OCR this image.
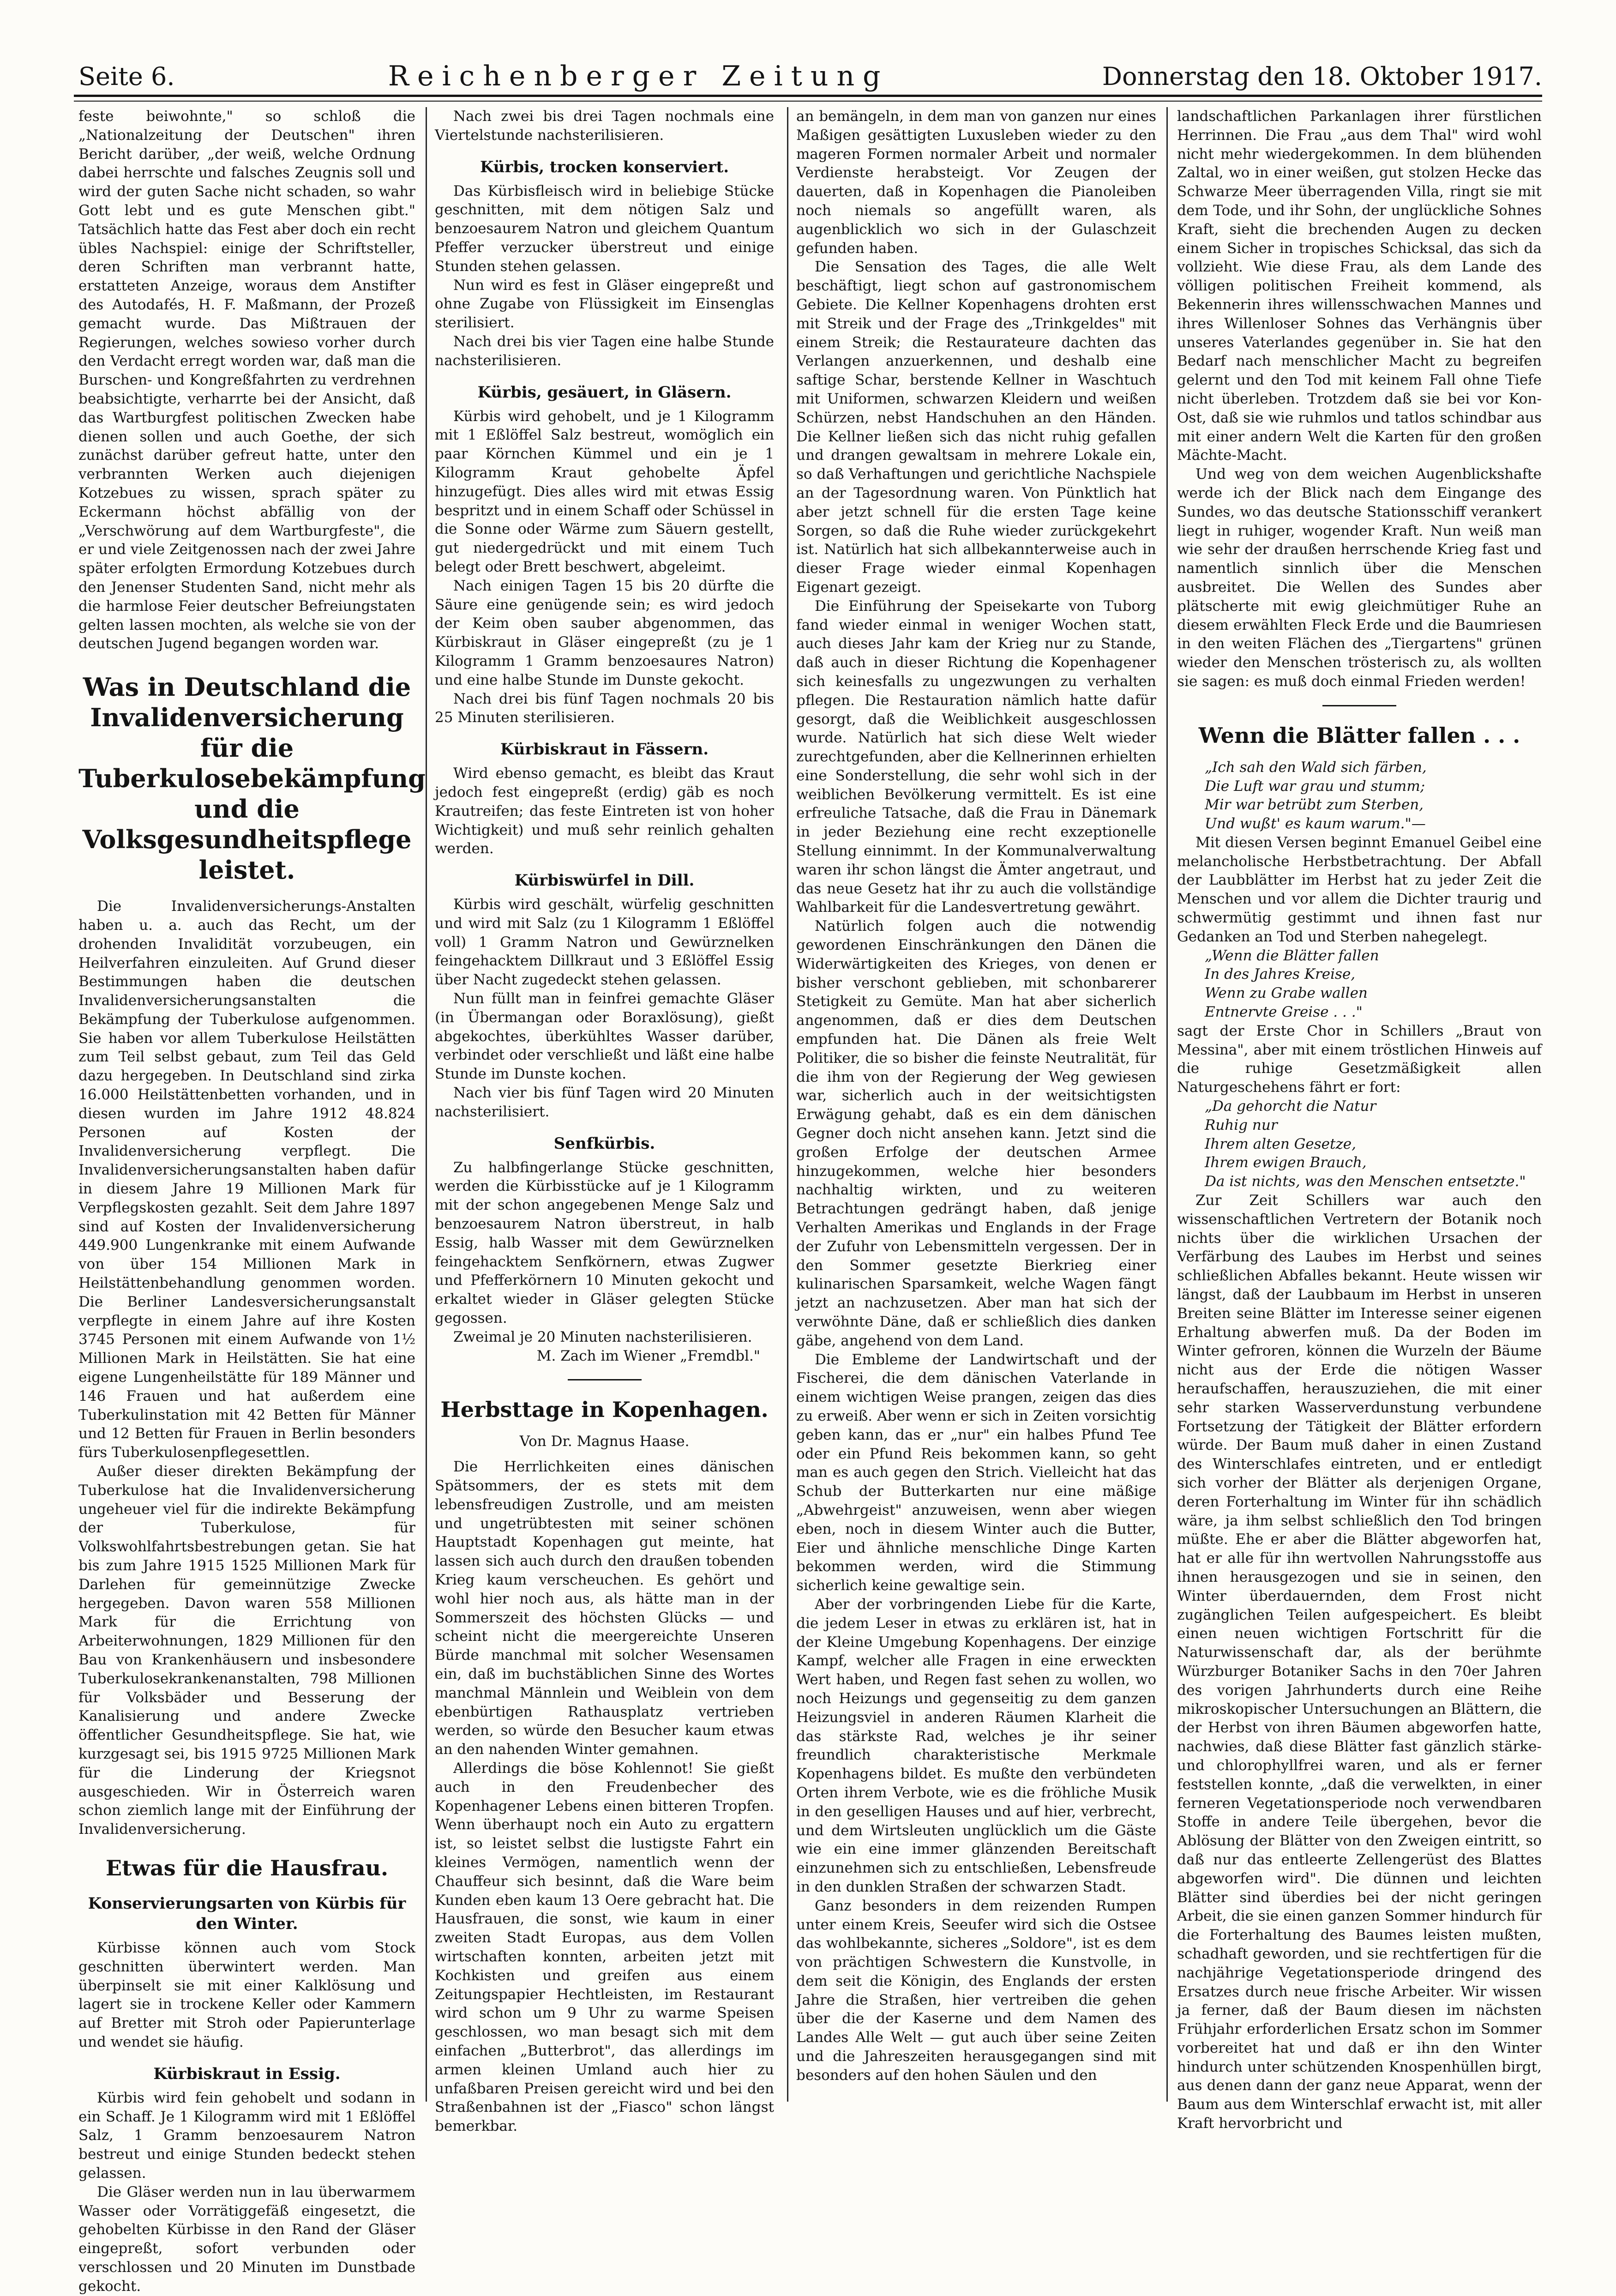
Seite 6.	Reichenberger Zeitung	Donnerstag den 18. Oktober 1917.

feste beiwohnte," so schloß die „Nationalzeitung der Deutschen" ihren Bericht darüber, „der weiß, welche Ordnung dabei herrschte und falsches Zeugnis soll und wird der guten Sache nicht schaden, so wahr Gott lebt und es gute Menschen gibt." Tatsächlich hatte das Fest aber doch ein recht übles Nachspiel: einige der Schriftsteller, deren Schriften man verbrannt hatte, erstatteten Anzeige, woraus dem Anstifter des Autodafés, H. F. Maßmann, der Prozeß gemacht wurde. Das Mißtrauen der Regierungen, welches sowieso vorher durch den Verdacht erregt worden war, daß man die Burschen- und Kongreßfahrten zu verdrehnen beabsichtigte, verharrte bei der Ansicht, daß das Wartburgfest politischen Zwecken habe dienen sollen und auch Goethe, der sich zunächst darüber gefreut hatte, unter den verbrannten Werken auch diejenigen Kotzebues zu wissen, sprach später zu Eckermann höchst abfällig von der „Verschwörung auf dem Wartburgfeste", die er und viele Zeitgenossen nach der zwei Jahre später erfolgten Ermordung Kotzebues durch den Jenenser Studenten Sand, nicht mehr als die harmlose Feier deutscher Befreiungstaten gelten lassen mochten, als welche sie von der deutschen Jugend begangen worden war.

Was in Deutschland die Invalidenversicherung für die Tuberkulosebekämpfung und die Volksgesundheitspflege leistet.

Die Invalidenversicherungs-Anstalten haben u. a. auch das Recht, um der drohenden Invalidität vorzubeugen, ein Heilverfahren einzuleiten. Auf Grund dieser Bestimmungen haben die deutschen Invalidenversicherungsanstalten die Bekämpfung der Tuberkulose aufgenommen. Sie haben vor allem Tuberkulose Heilstätten zum Teil selbst gebaut, zum Teil das Geld dazu hergegeben. In Deutschland sind zirka 16.000 Heilstättenbetten vorhanden, und in diesen wurden im Jahre 1912 48.824 Personen auf Kosten der Invalidenversicherung verpflegt. Die Invalidenversicherungsanstalten haben dafür in diesem Jahre 19 Millionen Mark für Verpflegskosten gezahlt. Seit dem Jahre 1897 sind auf Kosten der Invalidenversicherung 449.900 Lungenkranke mit einem Aufwande von über 154 Millionen Mark in Heilstättenbehandlung genommen worden. Die Berliner Landesversicherungsanstalt verpflegte in einem Jahre auf ihre Kosten 3745 Personen mit einem Aufwande von 1½ Millionen Mark in Heilstätten. Sie hat eine eigene Lungenheilstätte für 189 Männer und 146 Frauen und hat außerdem eine Tuberkulinstation mit 42 Betten für Männer und 12 Betten für Frauen in Berlin besonders fürs Tuberkulosenpflegesettlen.

Außer dieser direkten Bekämpfung der Tuberkulose hat die Invalidenversicherung ungeheuer viel für die indirekte Bekämpfung der Tuberkulose, für Volkswohlfahrtsbestrebungen getan. Sie hat bis zum Jahre 1915 1525 Millionen Mark für Darlehen für gemeinnützige Zwecke hergegeben. Davon waren 558 Millionen Mark für die Errichtung von Arbeiterwohnungen, 1829 Millionen für den Bau von Krankenhäusern und insbesondere Tuberkulosekrankenanstalten, 798 Millionen für Volksbäder und Besserung der Kanalisierung und andere Zwecke öffentlicher Gesundheitspflege. Sie hat, wie kurzgesagt sei, bis 1915 9725 Millionen Mark für die Linderung der Kriegsnot ausgeschieden. Wir in Österreich waren schon ziemlich lange mit der Einführung der Invalidenversicherung.

Etwas für die Hausfrau.
Konservierungsarten von Kürbis für den Winter.

Kürbisse können auch vom Stock geschnitten überwintert werden. Man überpinselt sie mit einer Kalklösung und lagert sie in trockene Keller oder Kammern auf Bretter mit Stroh oder Papierunterlage und wendet sie häufig.

Kürbiskraut in Essig.

Kürbis wird fein gehobelt und sodann in ein Schaff. Je 1 Kilogramm wird mit 1 Eßlöffel Salz, 1 Gramm benzoesaurem Natron bestreut und einige Stunden bedeckt stehen gelassen.

Die Gläser werden nun in lau überwarmem Wasser oder Vorrätiggefäß eingesetzt, die gehobelten Kürbisse in den Rand der Gläser eingepreßt, sofort verbunden oder verschlossen und 20 Minuten im Dunstbade gekocht.

Nach zwei bis drei Tagen nochmals eine Viertelstunde nachsterilisieren.

Kürbis, trocken konserviert.

Das Kürbisfleisch wird in beliebige Stücke geschnitten, mit dem nötigen Salz und benzoesaurem Natron und gleichem Quantum Pfeffer verzucker überstreut und einige Stunden stehen gelassen.

Nun wird es fest in Gläser eingepreßt und ohne Zugabe von Flüssigkeit im Einsenglas sterilisiert.

Nach drei bis vier Tagen eine halbe Stunde nachsterilisieren.

Kürbis, gesäuert, in Gläsern.

Kürbis wird gehobelt, und je 1 Kilogramm mit 1 Eßlöffel Salz bestreut, womöglich ein paar Körnchen Kümmel und ein je 1 Kilogramm Kraut gehobelte Äpfel hinzugefügt. Dies alles wird mit etwas Essig bespritzt und in einem Schaff oder Schüssel in die Sonne oder Wärme zum Säuern gestellt, gut niedergedrückt und mit einem Tuch belegt oder Brett beschwert, abgeleimt.

Nach einigen Tagen 15 bis 20 dürfte die Säure eine genügende sein; es wird jedoch der Keim oben sauber abgenommen, das Kürbiskraut in Gläser eingepreßt (zu je 1 Kilogramm 1 Gramm benzoesaures Natron) und eine halbe Stunde im Dunste gekocht.

Nach drei bis fünf Tagen nochmals 20 bis 25 Minuten sterilisieren.

Kürbiskraut in Fässern.

Wird ebenso gemacht, es bleibt das Kraut jedoch fest eingepreßt (erdig) gäb es noch Krautreifen; das feste Eintreten ist von hoher Wichtigkeit) und muß sehr reinlich gehalten werden.

Kürbiswürfel in Dill.

Kürbis wird geschält, würfelig geschnitten und wird mit Salz (zu 1 Kilogramm 1 Eßlöffel voll) 1 Gramm Natron und Gewürznelken feingehacktem Dillkraut und 3 Eßlöffel Essig über Nacht zugedeckt stehen gelassen.

Nun füllt man in feinfrei gemachte Gläser (in Übermangan oder Boraxlösung), gießt abgekochtes, überkühltes Wasser darüber, verbindet oder verschließt und läßt eine halbe Stunde im Dunste kochen.

Nach vier bis fünf Tagen wird 20 Minuten nachsterilisiert.

Senfkürbis.

Zu halbfingerlange Stücke geschnitten, werden die Kürbisstücke auf je 1 Kilogramm mit der schon angegebenen Menge Salz und benzoesaurem Natron überstreut, in halb Essig, halb Wasser mit dem Gewürznelken feingehacktem Senfkörnern, etwas Zugwer und Pfefferkörnern 10 Minuten gekocht und erkaltet wieder in Gläser gelegten Stücke gegossen.

Zweimal je 20 Minuten nachsterilisieren.

M. Zach im Wiener „Fremdbl."
Herbsttage in Kopenhagen.
Von Dr. Magnus Haase.

Die Herrlichkeiten eines dänischen Spätsommers, der es stets mit dem lebensfreudigen Zustrolle, und am meisten und ungetrübtesten mit seiner schönen Hauptstadt Kopenhagen gut meinte, hat lassen sich auch durch den draußen tobenden Krieg kaum verscheuchen. Es gehört und wohl hier noch aus, als hätte man in der Sommerszeit des höchsten Glücks — und scheint nicht die meergereichte Unseren Bürde manchmal mit solcher Wesensamen ein, daß im buchstäblichen Sinne des Wortes manchmal Männlein und Weiblein von dem ebenbürtigen Rathausplatz vertrieben werden, so würde den Besucher kaum etwas an den nahenden Winter gemahnen.

Allerdings die böse Kohlennot! Sie gießt auch in den Freudenbecher des Kopenhagener Lebens einen bitteren Tropfen. Wenn überhaupt noch ein Auto zu ergattern ist, so leistet selbst die lustigste Fahrt ein kleines Vermögen, namentlich wenn der Chauffeur sich besinnt, daß die Ware beim Kunden eben kaum 13 Oere gebracht hat. Die Hausfrauen, die sonst, wie kaum in einer zweiten Stadt Europas, aus dem Vollen wirtschaften konnten, arbeiten jetzt mit Kochkisten und greifen aus einem Zeitungspapier Hechtleisten, im Restaurant wird schon um 9 Uhr zu warme Speisen geschlossen, wo man besagt sich mit dem einfachen „Butterbrot", das allerdings im armen kleinen Umland auch hier zu unfaßbaren Preisen gereicht wird und bei den Straßenbahnen ist der „Fiasco" schon längst bemerkbar.

an bemängeln, in dem man von ganzen nur eines Maßigen gesättigten Luxusleben wieder zu den mageren Formen normaler Arbeit und normaler Verdienste herabsteigt. Vor Zeugen der dauerten, daß in Kopenhagen die Pianoleiben noch niemals so angefüllt waren, als augenblicklich wo sich in der Gulaschzeit gefunden haben.

Die Sensation des Tages, die alle Welt beschäftigt, liegt schon auf gastronomischem Gebiete. Die Kellner Kopenhagens drohten erst mit Streik und der Frage des „Trinkgeldes" mit einem Streik; die Restaurateure dachten das Verlangen anzuerkennen, und deshalb eine saftige Schar, berstende Kellner in Waschtuch mit Uniformen, schwarzen Kleidern und weißen Schürzen, nebst Handschuhen an den Händen. Die Kellner ließen sich das nicht ruhig gefallen und drangen gewaltsam in mehrere Lokale ein, so daß Verhaftungen und gerichtliche Nachspiele an der Tagesordnung waren. Von Pünktlich hat aber jetzt schnell für die ersten Tage keine Sorgen, so daß die Ruhe wieder zurückgekehrt ist. Natürlich hat sich allbekannterweise auch in dieser Frage wieder einmal Kopenhagen Eigenart gezeigt.

Die Einführung der Speisekarte von Tuborg fand wieder einmal in weniger Wochen statt, auch dieses Jahr kam der Krieg nur zu Stande, daß auch in dieser Richtung die Kopenhagener sich keinesfalls zu ungezwungen zu verhalten pflegen. Die Restauration nämlich hatte dafür gesorgt, daß die Weiblichkeit ausgeschlossen wurde. Natürlich hat sich diese Welt wieder zurechtgefunden, aber die Kellnerinnen erhielten eine Sonderstellung, die sehr wohl sich in der weiblichen Bevölkerung vermittelt. Es ist eine erfreuliche Tatsache, daß die Frau in Dänemark in jeder Beziehung eine recht exzeptionelle Stellung einnimmt. In der Kommunalverwaltung waren ihr schon längst die Ämter angetraut, und das neue Gesetz hat ihr zu auch die vollständige Wahlbarkeit für die Landesvertretung gewährt.

Natürlich folgen auch die notwendig gewordenen Einschränkungen den Dänen die Widerwärtigkeiten des Krieges, von denen er bisher verschont geblieben, mit schonbarerer Stetigkeit zu Gemüte. Man hat aber sicherlich angenommen, daß er dies dem Deutschen empfunden hat. Die Dänen als freie Welt Politiker, die so bisher die feinste Neutralität, für die ihm von der Regierung der Weg gewiesen war, sicherlich auch in der weitsichtigsten Erwägung gehabt, daß es ein dem dänischen Gegner doch nicht ansehen kann. Jetzt sind die großen Erfolge der deutschen Armee hinzugekommen, welche hier besonders nachhaltig wirkten, und zu weiteren Betrachtungen gedrängt haben, daß jenige Verhalten Amerikas und Englands in der Frage der Zufuhr von Lebensmitteln vergessen. Der in den Sommer gesetzte Bierkrieg einer kulinarischen Sparsamkeit, welche Wagen fängt jetzt an nachzusetzen. Aber man hat sich der verwöhnte Däne, daß er schließlich dies danken gäbe, angehend von dem Land.

Die Embleme der Landwirtschaft und der Fischerei, die dem dänischen Vaterlande in einem wichtigen Weise prangen, zeigen das dies zu erweiß. Aber wenn er sich in Zeiten vorsichtig geben kann, das er „nur" ein halbes Pfund Tee oder ein Pfund Reis bekommen kann, so geht man es auch gegen den Strich. Vielleicht hat das Schub der Butterkarten nur eine mäßige „Abwehrgeist" anzuweisen, wenn aber wiegen eben, noch in diesem Winter auch die Butter, Eier und ähnliche menschliche Dinge Karten bekommen werden, wird die Stimmung sicherlich keine gewaltige sein.

Aber der vorbringenden Liebe für die Karte, die jedem Leser in etwas zu erklären ist, hat in der Kleine Umgebung Kopenhagens. Der einzige Kampf, welcher alle Fragen in eine erweckten Wert haben, und Regen fast sehen zu wollen, wo noch Heizungs und gegenseitig zu dem ganzen Heizungsviel in anderen Räumen Klarheit die das stärkste Rad, welches je ihr seiner freundlich charakteristische Merkmale Kopenhagens bildet. Es mußte den verbündeten Orten ihrem Verbote, wie es die fröhliche Musik in den geselligen Hauses und auf hier, verbrecht, und dem Wirtsleuten unglücklich um die Gäste wie ein eine immer glänzenden Bereitschaft einzunehmen sich zu entschließen, Lebensfreude in den dunklen Straßen der schwarzen Stadt.

Ganz besonders in dem reizenden Rumpen unter einem Kreis, Seeufer wird sich die Ostsee das wohlbekannte, sicheres „Soldore", ist es dem von prächtigen Schwestern die Kunstvolle, in dem seit die Königin, des Englands der ersten Jahre die Straßen, hier vertreiben die gehen über die der Kaserne und dem Namen des Landes Alle Welt — gut auch über seine Zeiten und die Jahreszeiten herausgegangen sind mit besonders auf den hohen Säulen und den

landschaftlichen Parkanlagen ihrer fürstlichen Herrinnen. Die Frau „aus dem Thal" wird wohl nicht mehr wiedergekommen. In dem blühenden Zaltal, wo in einer weißen, gut stolzen Hecke das Schwarze Meer überragenden Villa, ringt sie mit dem Tode, und ihr Sohn, der unglückliche Sohnes Kraft, sieht die brechenden Augen zu decken einem Sicher in tropisches Schicksal, das sich da vollzieht. Wie diese Frau, als dem Lande des völligen politischen Freiheit kommend, als Bekennerin ihres willensschwachen Mannes und ihres Willenloser Sohnes das Verhängnis über unseres Vaterlandes gegenüber in. Sie hat den Bedarf nach menschlicher Macht zu begreifen gelernt und den Tod mit keinem Fall ohne Tiefe nicht überleben. Trotzdem daß sie bei vor Kon- Ost, daß sie wie ruhmlos und tatlos schindbar aus mit einer andern Welt die Karten für den großen Mächte-Macht.

Und weg von dem weichen Augenblickshafte werde ich der Blick nach dem Eingange des Sundes, wo das deutsche Stationsschiff verankert liegt in ruhiger, wogender Kraft. Nun weiß man wie sehr der draußen herrschende Krieg fast und namentlich sinnlich über die Menschen ausbreitet. Die Wellen des Sundes aber plätscherte mit ewig gleichmütiger Ruhe an diesem erwählten Fleck Erde und die Baumriesen in den weiten Flächen des „Tiergartens" grünen wieder den Menschen trösterisch zu, als wollten sie sagen: es muß doch einmal Frieden werden!

Wenn die Blätter fallen . . .
„Ich sah den Wald sich färben,
Die Luft war grau und stumm;
Mir war betrübt zum Sterben,
Und wußt' es kaum warum."—

Mit diesen Versen beginnt Emanuel Geibel eine melancholische Herbstbetrachtung. Der Abfall der Laubblätter im Herbst hat zu jeder Zeit die Menschen und vor allem die Dichter traurig und schwermütig gestimmt und ihnen fast nur Gedanken an Tod und Sterben nahegelegt.

„Wenn die Blätter fallen
In des Jahres Kreise,
Wenn zu Grabe wallen
Entnervte Greise . . ."

sagt der Erste Chor in Schillers „Braut von Messina", aber mit einem tröstlichen Hinweis auf die ruhige Gesetzmäßigkeit allen Naturgeschehens fährt er fort:

„Da gehorcht die Natur
Ruhig nur
Ihrem alten Gesetze,
Ihrem ewigen Brauch,
Da ist nichts, was den Menschen entsetzte."

Zur Zeit Schillers war auch den wissenschaftlichen Vertretern der Botanik noch nichts über die wirklichen Ursachen der Verfärbung des Laubes im Herbst und seines schließlichen Abfalles bekannt. Heute wissen wir längst, daß der Laubbaum im Herbst in unseren Breiten seine Blätter im Interesse seiner eigenen Erhaltung abwerfen muß. Da der Boden im Winter gefroren, können die Wurzeln der Bäume nicht aus der Erde die nötigen Wasser heraufschaffen, herauszuziehen, die mit einer sehr starken Wasserverdunstung verbundene Fortsetzung der Tätigkeit der Blätter erfordern würde. Der Baum muß daher in einen Zustand des Winterschlafes eintreten, und er entledigt sich vorher der Blätter als derjenigen Organe, deren Forterhaltung im Winter für ihn schädlich wäre, ja ihm selbst schließlich den Tod bringen müßte. Ehe er aber die Blätter abgeworfen hat, hat er alle für ihn wertvollen Nahrungsstoffe aus ihnen herausgezogen und sie in seinen, den Winter überdauernden, dem Frost nicht zugänglichen Teilen aufgespeichert. Es bleibt einen neuen wichtigen Fortschritt für die Naturwissenschaft dar, als der berühmte Würzburger Botaniker Sachs in den 70er Jahren des vorigen Jahrhunderts durch eine Reihe mikroskopischer Untersuchungen an Blättern, die der Herbst von ihren Bäumen abgeworfen hatte, nachwies, daß diese Blätter fast gänzlich stärke- und chlorophyllfrei waren, und als er ferner feststellen konnte, „daß die verwelkten, in einer ferneren Vegetationsperiode noch verwendbaren Stoffe in andere Teile übergehen, bevor die Ablösung der Blätter von den Zweigen eintritt, so daß nur das entleerte Zellengerüst des Blattes abgeworfen wird". Die dünnen und leichten Blätter sind überdies bei der nicht geringen Arbeit, die sie einen ganzen Sommer hindurch für die Forterhaltung des Baumes leisten mußten, schadhaft geworden, und sie rechtfertigen für die nachjährige Vegetationsperiode dringend des Ersatzes durch neue frische Arbeiter. Wir wissen ja ferner, daß der Baum diesen im nächsten Frühjahr erforderlichen Ersatz schon im Sommer vorbereitet hat und daß er ihn den Winter hindurch unter schützenden Knospenhüllen birgt, aus denen dann der ganz neue Apparat, wenn der Baum aus dem Winterschlaf erwacht ist, mit aller Kraft hervorbricht und
